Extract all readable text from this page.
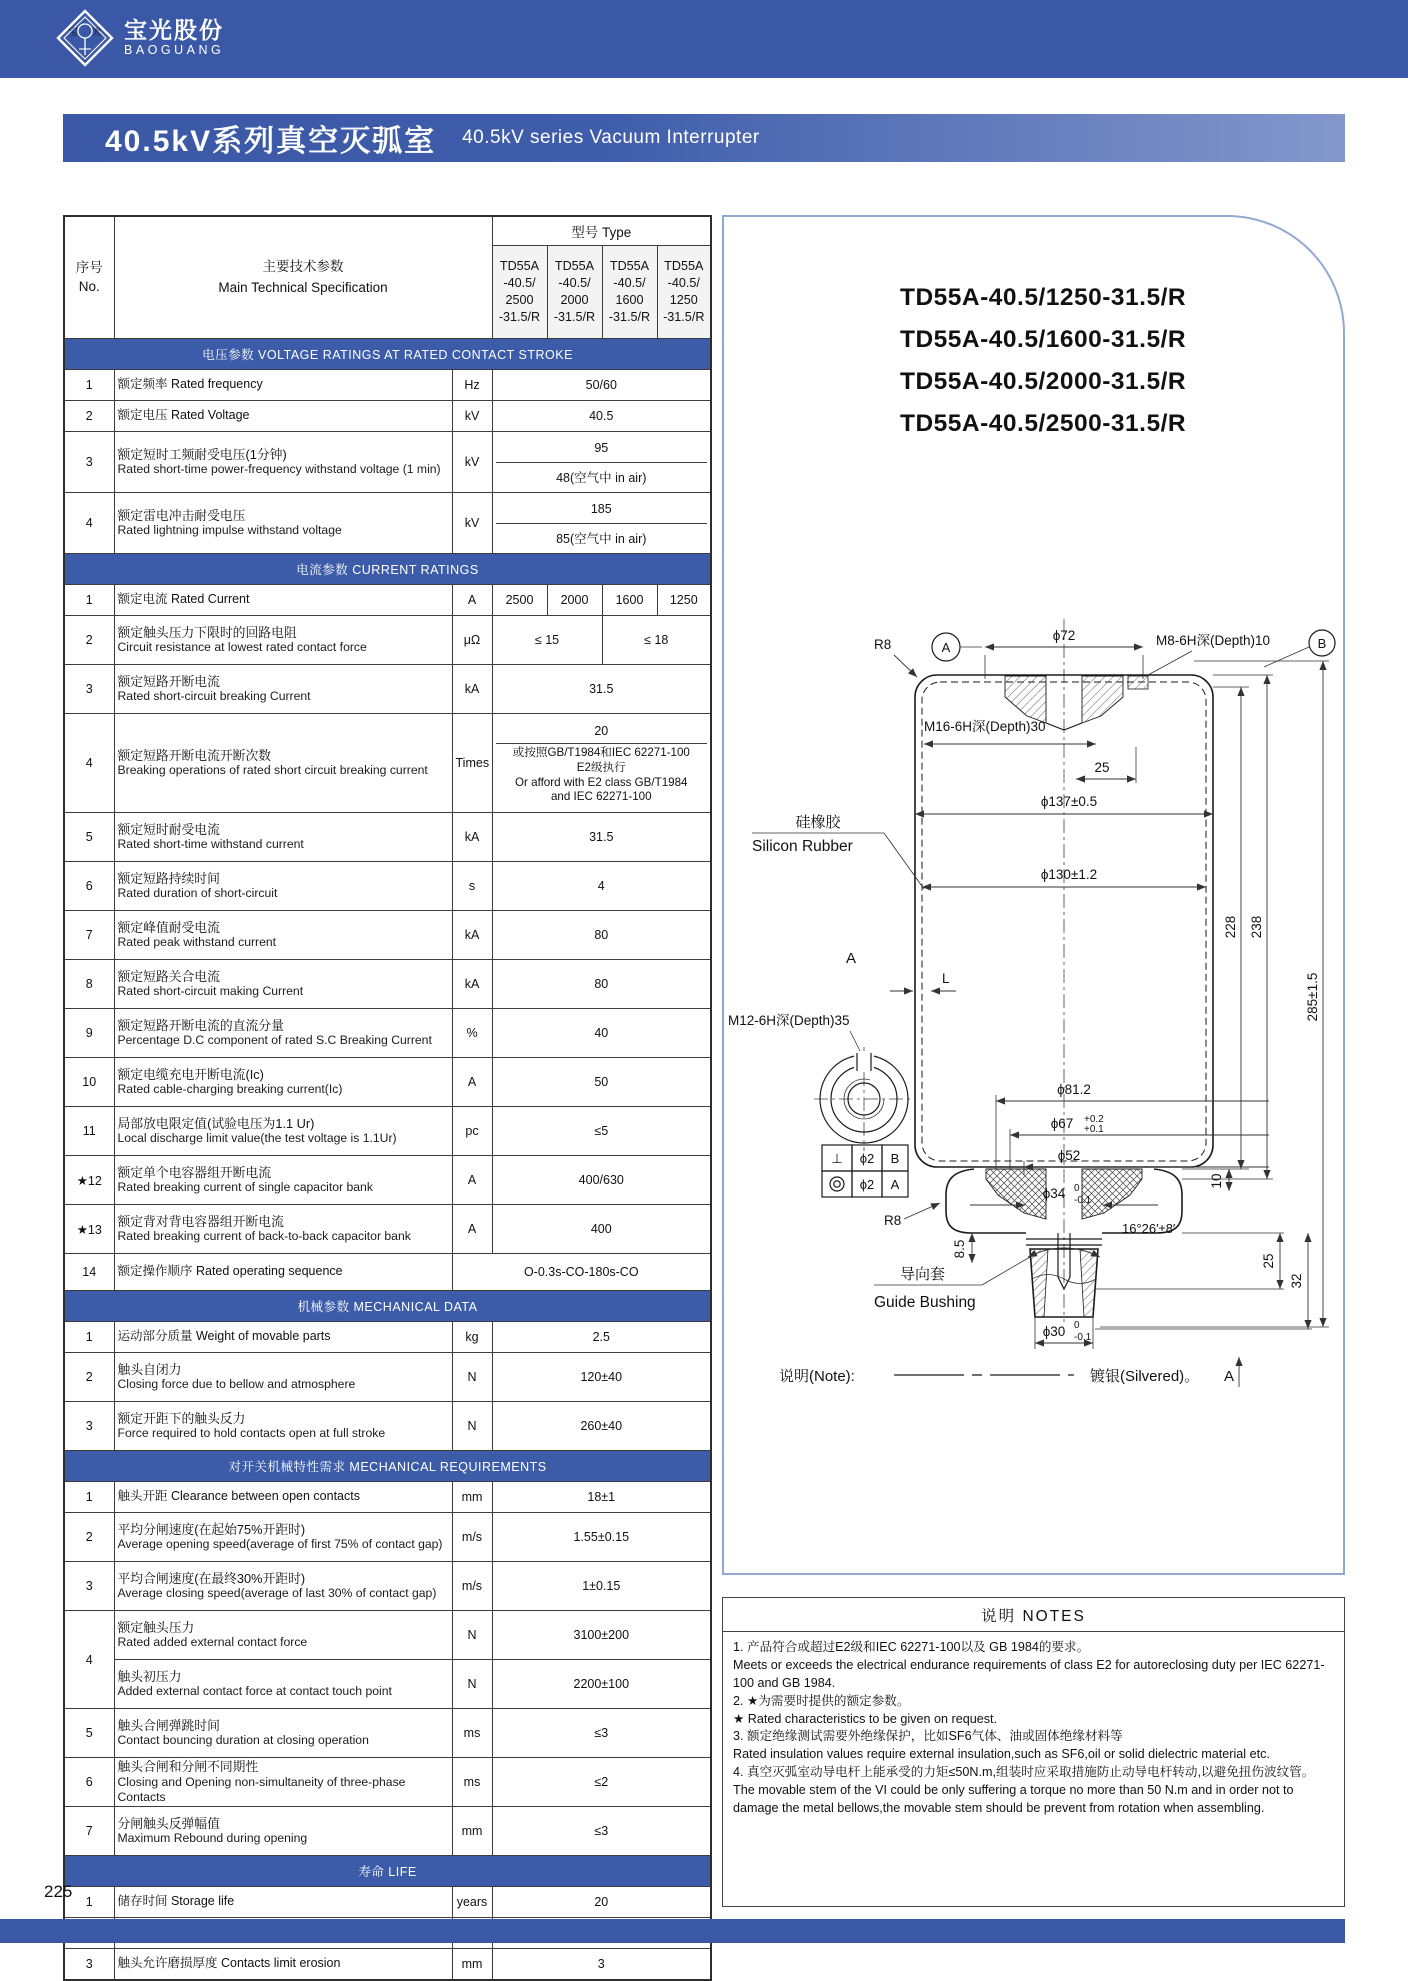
宝 光 宝光股份
BAOGUANG
40.5kV系列真空灭弧室 40.5kV series Vacuum Interrupter
序号
No.

主要技术参数
Main Technical Specification
	型号 Type

TD55A
-40.5/
2500
-31.5/R

TD55A
-40.5/
2000
-31.5/R

TD55A
-40.5/
1600
-31.5/R

TD55A
-40.5/
1250
-31.5/R

电压参数 VOLTAGE RATINGS AT RATED CONTACT STROKE						
1	额定频率 Rated frequency	Hz	50/60			
2	额定电压 Rated Voltage	kV	40.5			
3	
额定短时工频耐受电压(1分钟)
Rated short-time power-frequency withstand voltage (1 min)
	kV	
95
48(空气中 in air)

4	
额定雷电冲击耐受电压
Rated lightning impulse withstand voltage
	kV	
185
85(空气中 in air)

电流参数 CURRENT RATINGS						
1	额定电流 Rated Current	A	2500	2000	1600	1250
2	额定触头压力下限时的回路电阻
Circuit resistance at lowest rated contact force	μΩ	≤ 15		≤ 18	
3	额定短路开断电流
Rated short-circuit breaking Current	kA	31.5			
4	
额定短路开断电流开断次数
Breaking operations of rated short circuit breaking current
	Times	
20
或按照GB/T1984和IEC 62271-100
E2级执行
Or afford with E2 class GB/T1984
and IEC 62271-100

5	额定短时耐受电流
Rated short-time withstand current	kA	31.5			
6	额定短路持续时间
Rated duration of short-circuit	s	4			
7	额定峰值耐受电流
Rated peak withstand current	kA	80			
8	额定短路关合电流
Rated short-circuit making Current	kA	80			
9	额定短路开断电流的直流分量
Percentage D.C component of rated S.C Breaking Current	%	40			
10	额定电缆充电开断电流(Ic)
Rated cable-charging breaking current(Ic)	A	50			
11	局部放电限定值(试验电压为1.1 Ur)
Local discharge limit value(the test voltage is 1.1Ur)	pc	≤5			
★12	额定单个电容器组开断电流
Rated breaking current of single capacitor bank	A	400/630			
★13	额定背对背电容器组开断电流
Rated breaking current of back-to-back capacitor bank	A	400			
14	额定操作顺序 Rated operating sequence	O-0.3s-CO-180s-CO				
机械参数 MECHANICAL DATA						
1	运动部分质量 Weight of movable parts	kg	2.5			
2	触头自闭力
Closing force due to bellow and atmosphere	N	120±40			
3	额定开距下的触头反力
Force required to hold contacts open at full stroke	N	260±40			
对开关机械特性需求 MECHANICAL REQUIREMENTS						
1	触头开距 Clearance between open contacts	mm	18±1			
2	平均分闸速度(在起始75%开距时)
Average opening speed(average of first 75% of contact gap)	m/s	1.55±0.15			
3	平均合闸速度(在最终30%开距时)
Average closing speed(average of last 30% of contact gap)	m/s	1±0.15			
4	额定触头压力
Rated added external contact force	N	3100±200			

	触头初压力
Added external contact force at contact touch point	N	2200±100			
5	触头合闸弹跳时间
Contact bouncing duration at closing operation	ms	≤3			
6	触头合闸和分闸不同期性
Closing and Opening non-simultaneity of three-phase Contacts	ms	≤2			
7	分闸触头反弹幅值
Maximum Rebound during opening	mm	≤3			
寿命 LIFE						
1	储存时间 Storage life	years	20			

3	触头允许磨损厚度 Contacts limit erosion	mm	3			
TD55A-40.5/1250-31.5/R
TD55A-40.5/1600-31.5/R
TD55A-40.5/2000-31.5/R
TD55A-40.5/2500-31.5/R
ϕ72
A
R8	M8-6H深(Depth)10	B
M16-6H深(Depth)30
25
ϕ137±0.5
硅橡胶
Silicon Rubber
ϕ130±1.2
228 238
285±1.5
L
M12-6H深(Depth)35
A
⊥ ϕ2 B
ϕ2 A
ϕ81.2
ϕ67 +0.2
+0.1
ϕ52
ϕ34 0
-0.1
8.5
10
R8
16°26′±8′
25
32
ϕ30 0
-0.1
导向套
Guide Bushing
说明(Note):	镀银(Silvered)。 A
说明 NOTES
1. 产品符合或超过E2级和IEC 62271-100以及 GB 1984的要求。
Meets or exceeds the electrical endurance requirements of class E2 for autoreclosing duty per IEC 62271-100 and GB 1984.
2. ★为需要时提供的额定参数。
★ Rated characteristics to be given on request.
3. 额定绝缘测试需要外绝缘保护，比如SF6气体、油或固体绝缘材料等
Rated insulation values require external insulation,such as SF6,oil or solid dielectric material etc.
4. 真空灭弧室动导电杆上能承受的力矩≤50N.m,组装时应采取措施防止动导电杆转动,以避免扭伤波纹管。
The movable stem of the VI could be only suffering a torque no more than 50 N.m and in order not to damage the metal bellows,the movable stem should be prevent from rotation when assembling.
225
